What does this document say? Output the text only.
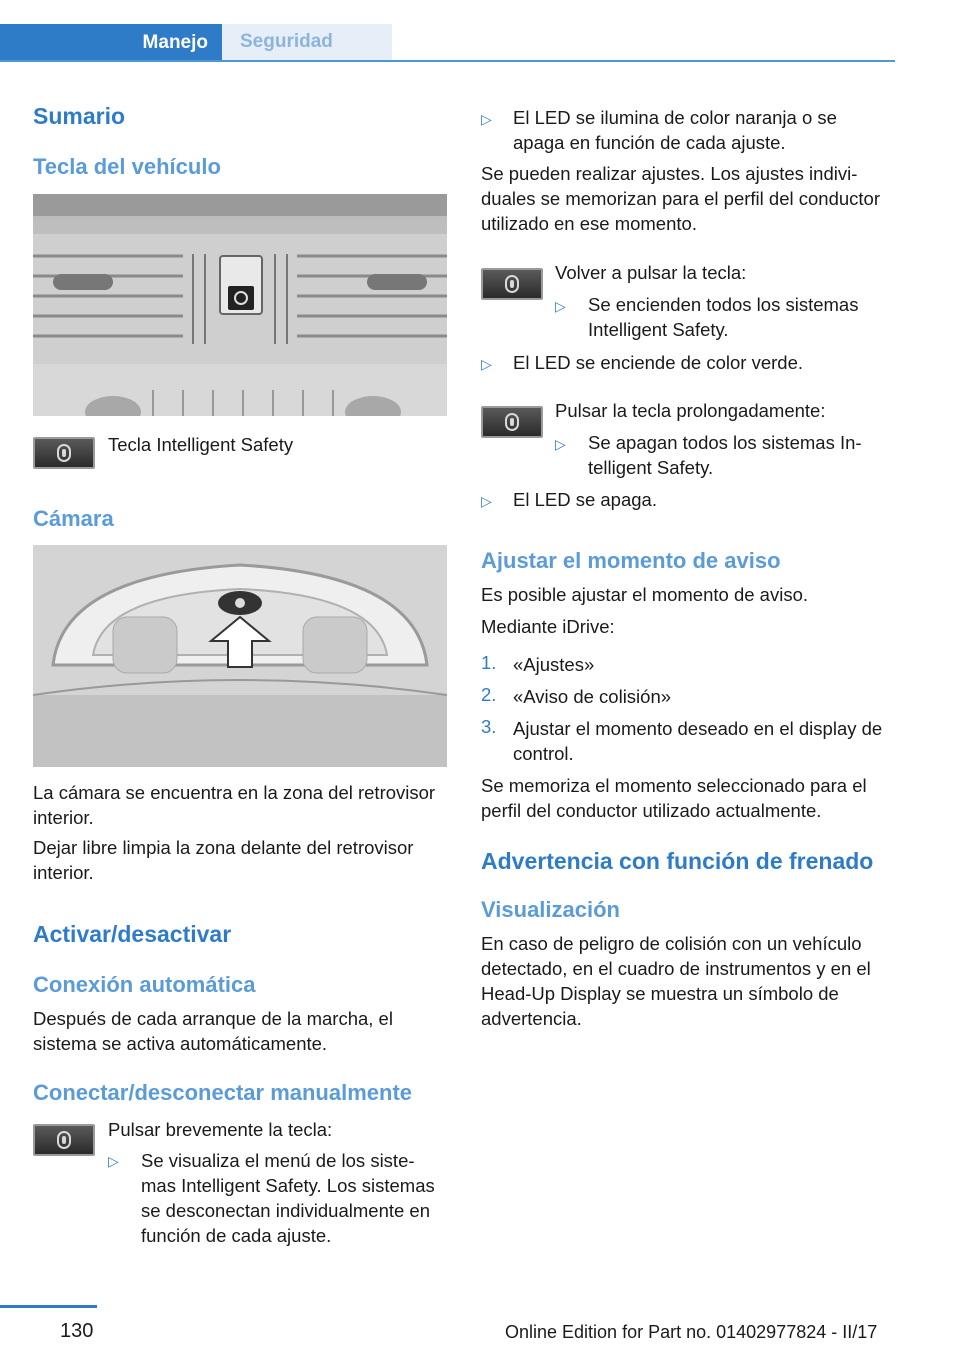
Manejo	Seguridad
Sumario
Tecla del vehículo
Tecla Intelligent Safety
Cámara
La cámara se encuentra en la zona del retrovisor interior.
Dejar libre limpia la zona delante del retrovisor interior.
Activar/desactivar
Conexión automática
Después de cada arranque de la marcha, el sistema se activa automáticamente.
Conectar/desconectar manualmente
Pulsar brevemente la tecla:
▷ Se visualiza el menú de los sistemas Intelligent Safety. Los sistemas se desconectan individualmente en función de cada ajuste.
▷ El LED se ilumina de color naranja o se apaga en función de cada ajuste.
Se pueden realizar ajustes. Los ajustes individuales se memorizan para el perfil del conductor utilizado en ese momento.
Volver a pulsar la tecla:
▷ Se encienden todos los sistemas Intelligent Safety.
▷ El LED se enciende de color verde.
Pulsar la tecla prolongadamente:
▷ Se apagan todos los sistemas Intelligent Safety.
▷ El LED se apaga.
Ajustar el momento de aviso
Es posible ajustar el momento de aviso.
Mediante iDrive:
1. «Ajustes»
2. «Aviso de colisión»
3. Ajustar el momento deseado en el display de control.
Se memoriza el momento seleccionado para el perfil del conductor utilizado actualmente.
Advertencia con función de frenado
Visualización
En caso de peligro de colisión con un vehículo detectado, en el cuadro de instrumentos y en el Head-Up Display se muestra un símbolo de advertencia.
130	Online Edition for Part no. 01402977824 - II/17
